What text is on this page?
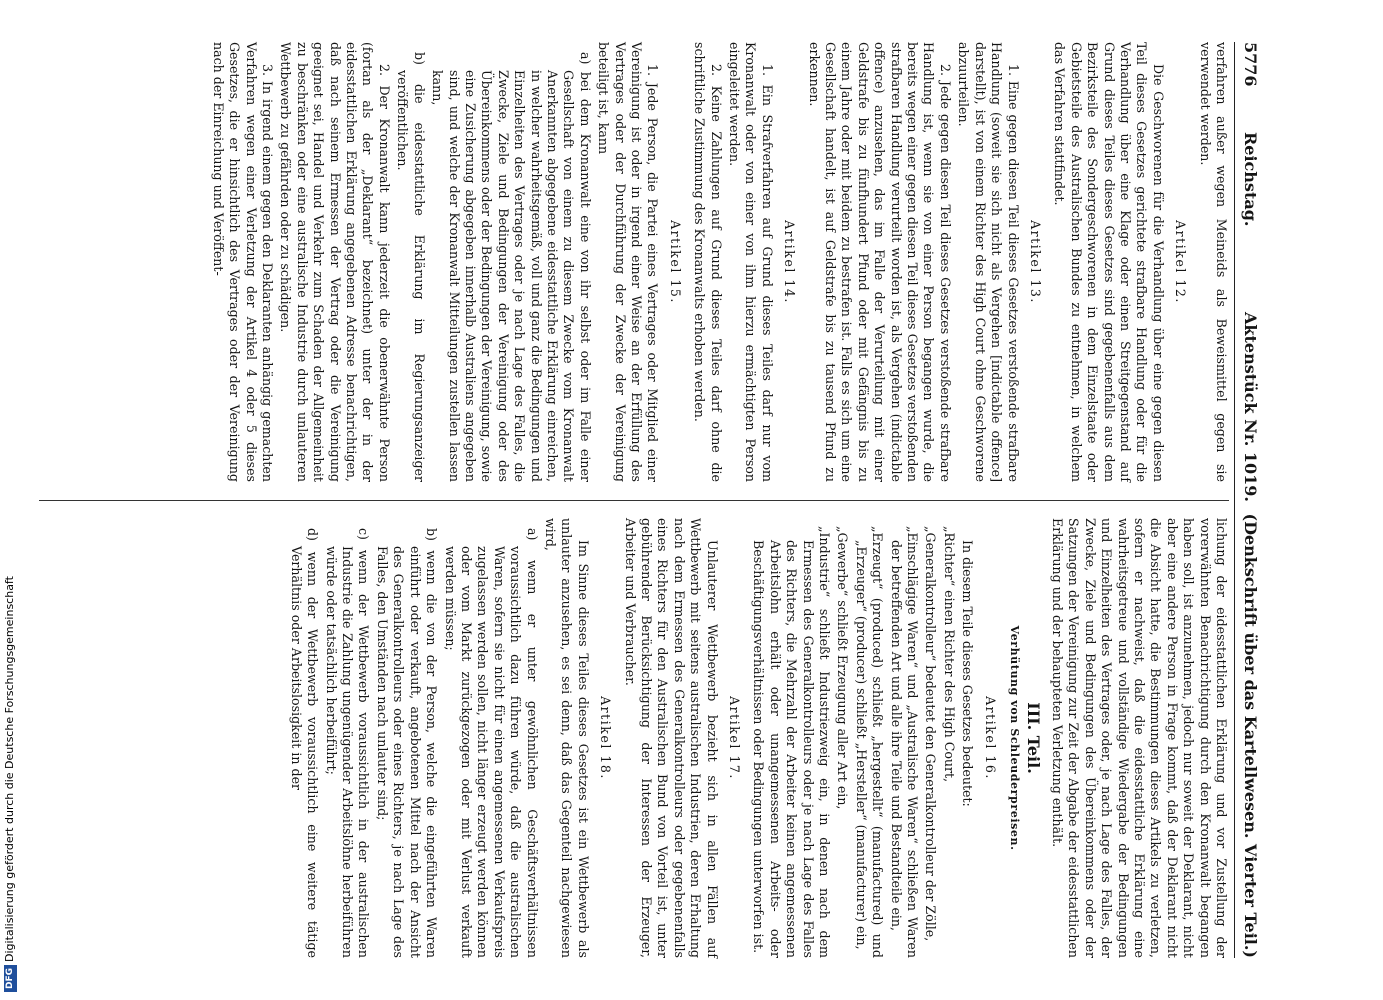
5776
Reichstag.
Aktenstück Nr. 1019.
(Denkschrift über das Kartellwesen. Vierter Teil.)

verfahren außer wegen Meineids als Beweismittel gegen sie verwendet werden.

Artikel 12.

Die Geschworenen für die Verhandlung über eine gegen diesen Teil dieses Gesetzes gerichtete strafbare Handlung oder für die Verhandlung über eine Klage oder einen Streitgegenstand auf Grund dieses Teiles dieses Gesetzes sind gegebenenfalls aus dem Bezirksteile des Sondergeschworenen in dem Einzelstaate oder Gebietsteile des Australischen Bundes zu entnehmen, in welchem das Verfahren stattfindet.

Artikel 13.

1. Eine gegen diesen Teil dieses Gesetzes verstoßende strafbare Handlung (soweit sie sich nicht als Vergehen [indictable offence] darstellt), ist von einem Richter des High Court ohne Geschworene abzuurteilen.

2. Jede gegen diesen Teil dieses Gesetzes verstoßende strafbare Handlung ist, wenn sie von einer Person begangen wurde, die bereits wegen einer gegen diesen Teil dieses Gesetzes verstoßenden strafbaren Handlung verurteilt worden ist, als Vergehen (indictable offence) anzusehen, das im Falle der Verurteilung mit einer Geldstrafe bis zu fünfhundert Pfund oder mit Gefängnis bis zu einem Jahre oder mit beidem zu bestrafen ist. Falls es sich um eine Gesellschaft handelt, ist auf Geldstrafe bis zu tausend Pfund zu erkennen.

Artikel 14.

1. Ein Strafverfahren auf Grund dieses Teiles darf nur vom Kronanwalt oder von einer von ihm hierzu ermächtigten Person eingeleitet werden.

2. Keine Zahlungen auf Grund dieses Teiles darf ohne die schriftliche Zustimmung des Kronanwalts erhoben werden.

Artikel 15.

1. Jede Person, die Partei eines Vertrages oder Mitglied einer Vereinigung ist oder in irgend einer Weise an der Erfüllung des Vertrages oder der Durchführung der Zwecke der Vereinigung beteiligt ist, kann

a) bei dem Kronanwalt eine von ihr selbst oder im Falle einer Gesellschaft von einem zu diesem Zwecke vom Kronanwalt Anerkannten abgegebene eidesstattliche Erklärung einreichen, in welcher wahrheitsgemäß, voll und ganz die Bedingungen und Einzelheiten des Vertrages oder je nach Lage des Falles, die Zwecke, Ziele und Bedingungen der Vereinigung oder des Übereinkommens oder der Bedingungen der Vereinigung, sowie eine Zusicherung abgegeben innerhalb Australiens angegeben sind, und welche der Kronanwalt Mitteilungen zustellen lassen kann,

b) die eidesstattliche Erklärung im Regierungsanzeiger veröffentlichen.

2. Der Kronanwalt kann jederzeit die obenerwähnte Person (fortan als der „Deklarant“ bezeichnet) unter der in der eidesstattlichen Erklärung angegebenen Adresse benachrichtigen, daß nach seinem Ermessen der Vertrag oder die Vereinigung geeignet sei, Handel und Verkehr zum Schaden der Allgemeinheit zu beschränken oder eine australische Industrie durch unlauteren Wettbewerb zu gefährden oder zu schädigen.

3. In irgend einem gegen den Deklaranten anhängig gemachten Verfahren wegen einer Verletzung der Artikel 4 oder 5 dieses Gesetzes, die er hinsichtlich des Vertrages oder der Vereinigung nach der Einreichung und Veröffent-

lichung der eidesstattlichen Erklärung und vor Zustellung der vorerwähnten Benachrichtigung durch den Kronanwalt begangen haben soll, ist anzunehmen, jedoch nur soweit der Deklarant, nicht aber eine andere Person in Frage kommt, daß der Deklarant nicht die Absicht hatte, die Bestimmungen dieses Artikels zu verletzen, sofern er nachweist, daß die eidesstattliche Erklärung eine wahrheitsgetreue und vollständige Wiedergabe der Bedingungen und Einzelheiten des Vertrages oder, je nach Lage des Falles, der Zwecke, Ziele und Bedingungen des Übereinkommens oder der Satzungen der Vereinigung zur Zeit der Abgabe der eidesstattlichen Erklärung und der behaupteten Verletzung enthält.

III. Teil.
Verhütung von Schleuderpreisen.
Artikel 16.

In diesem Teile dieses Gesetzes bedeutet:

„Richter“ einen Richter des High Court,

„Generalkontrolleur“ bedeutet den Generalkontrolleur der Zölle,

„Einschlägige Waren“ und „Australische Waren“ schließen Waren der betreffenden Art und alle ihre Teile und Bestandteile ein,

„Erzeugt“ (produced) schließt „hergestellt“ (manufactured) und „Erzeuger“ (producer) schließt „Hersteller“ (manufacturer) ein,

„Gewerbe“ schließt Erzeugung aller Art ein,

„Industrie“ schließt Industriezweig ein, in denen nach dem Ermessen des Generalkontrolleurs oder je nach Lage des Falles des Richters, die Mehrzahl der Arbeiter keinen angemessenen Arbeitslohn erhält oder unangemessenen Arbeits- oder Beschäftigungsverhältnissen oder Bedingungen unterworfen ist.

Artikel 17.

Unlauterer Wettbewerb bezieht sich in allen Fällen auf Wettbewerb mit seitens australischen Industrien, deren Erhaltung nach dem Ermessen des Generalkontrolleurs oder gegebenenfalls eines Richters für den Australischen Bund von Vorteil ist, unter gebührender Berücksichtigung der Interessen der Erzeuger, Arbeiter und Verbraucher.

Artikel 18.

Im Sinne dieses Teiles dieses Gesetzes ist ein Wettbewerb als unlauter anzusehen, es sei denn, daß das Gegenteil nachgewiesen wird,

a) wenn er unter gewöhnlichen Geschäftsverhältnissen voraussichtlich dazu führen würde, daß die australischen Waren, sofern sie nicht für einen angemessenen Verkaufspreis zugelassen werden sollen, nicht länger erzeugt werden können oder vom Markt zurückgezogen oder mit Verlust verkauft werden müssen;

b) wenn die von der Person, welche die eingeführten Waren einführt oder verkauft, angebotenen Mittel nach der Ansicht des Generalkontrolleurs oder eines Richters, je nach Lage des Falles, den Umständen nach unlauter sind;

c) wenn der Wettbewerb voraussichtlich in der australischen Industrie die Zahlung ungenügender Arbeitslöhne herbeiführen würde oder tatsächlich herbeiführt;

d) wenn der Wettbewerb voraussichtlich eine weitere tätige Verhältnis oder Arbeitslosigkeit in der

DFG
Digitalisierung gefördert durch die Deutsche Forschungsgemeinschaft
